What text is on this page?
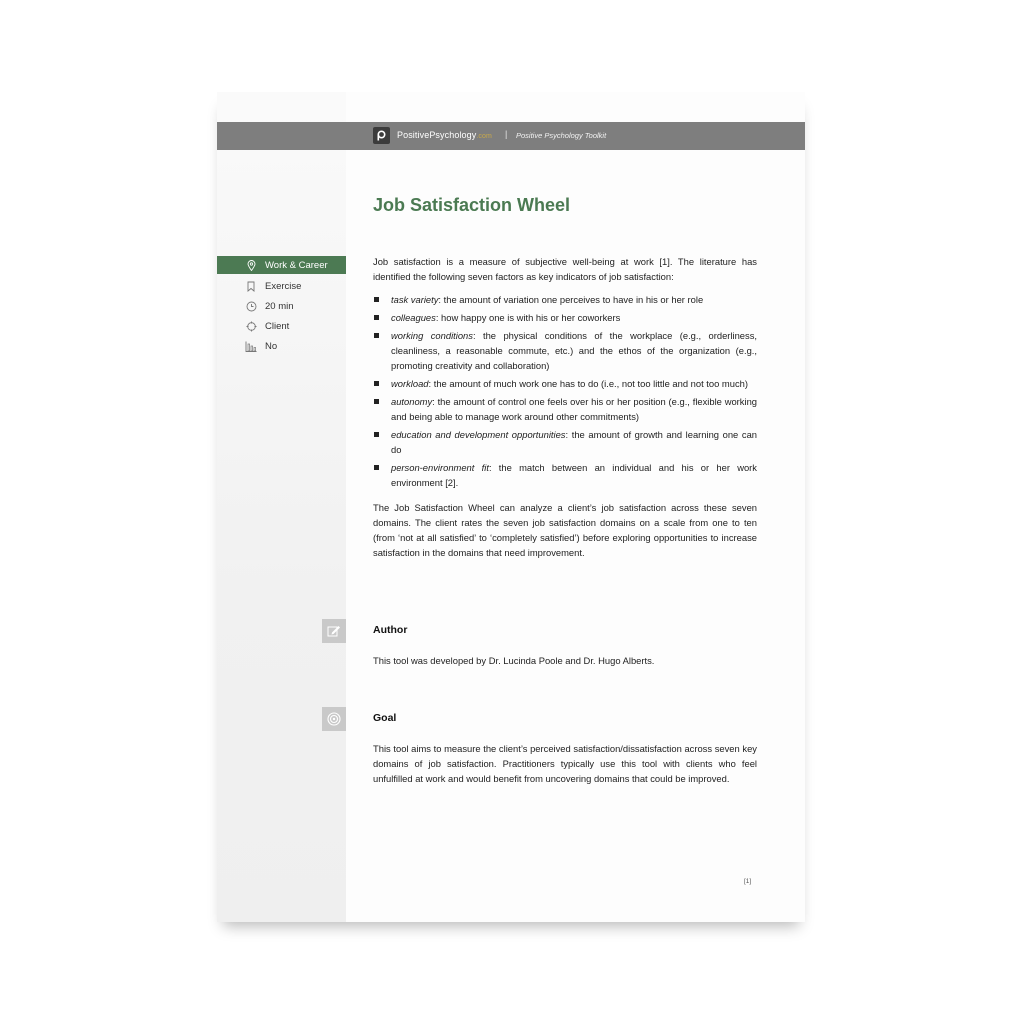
PositivePsychology.com | Positive Psychology Toolkit
Job Satisfaction Wheel
Work & Career
Exercise
20 min
Client
No

Job satisfaction is a measure of subjective well-being at work [1]. The literature has identified the following seven factors as key indicators of job satisfaction:

task variety: the amount of variation one perceives to have in his or her role
colleagues: how happy one is with his or her coworkers
working conditions: the physical conditions of the workplace (e.g., orderliness, cleanliness, a reasonable commute, etc.) and the ethos of the organization (e.g., promoting creativity and collaboration)
workload: the amount of much work one has to do (i.e., not too little and not too much)
autonomy: the amount of control one feels over his or her position (e.g., flexible working and being able to manage work around other commitments)
education and development opportunities: the amount of growth and learning one can do
person-environment fit: the match between an individual and his or her work environment [2].

The Job Satisfaction Wheel can analyze a client’s job satisfaction across these seven domains. The client rates the seven job satisfaction domains on a scale from one to ten (from ‘not at all satisfied’ to ‘completely satisfied’) before exploring opportunities to increase satisfaction in the domains that need improvement.

Author

This tool was developed by Dr. Lucinda Poole and Dr. Hugo Alberts.

Goal

This tool aims to measure the client’s perceived satisfaction/dissatisfaction across seven key domains of job satisfaction. Practitioners typically use this tool with clients who feel unfulfilled at work and would benefit from uncovering domains that could be improved.

[1]
